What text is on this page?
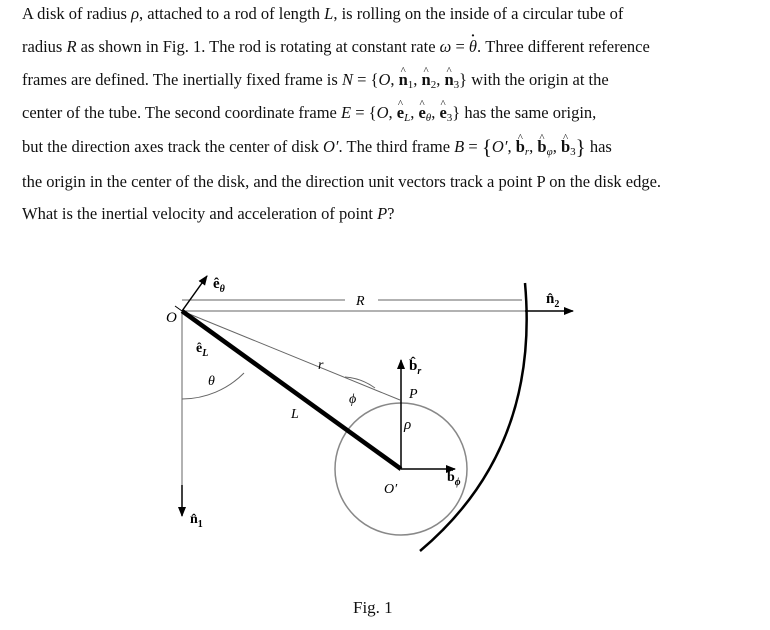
A disk of radius ρ, attached to a rod of length L, is rolling on the inside of a circular tube of
radius R as shown in Fig. 1. The rod is rotating at constant rate ω = · θ. Three different reference
frames are defined. The inertially fixed frame is N = {O, ^ $n_1$, ^ $n_2$, ^ $n_3$} with the origin at the
center of the tube. The second coordinate frame E = {O, ^ $e_L$, ^ $e_\theta$, ^ $e_3$} has the same origin,
but the direction axes track the center of disk O′. The third frame B = {O′, ^ $b_r$, ^ $b_\varphi$, ^ $b_3$} has
the origin in the center of the disk, and the direction unit vectors track a point P on the disk edge.
What is the inertial velocity and acceleration of point P?
$ê_\theta$
R	$n̂_2$
O
$ê_L$
r	$b̂_r$
P
θ
ϕ
L
ρ
O′
$b̂_\phi$
$n̂_1$
Fig. 1
